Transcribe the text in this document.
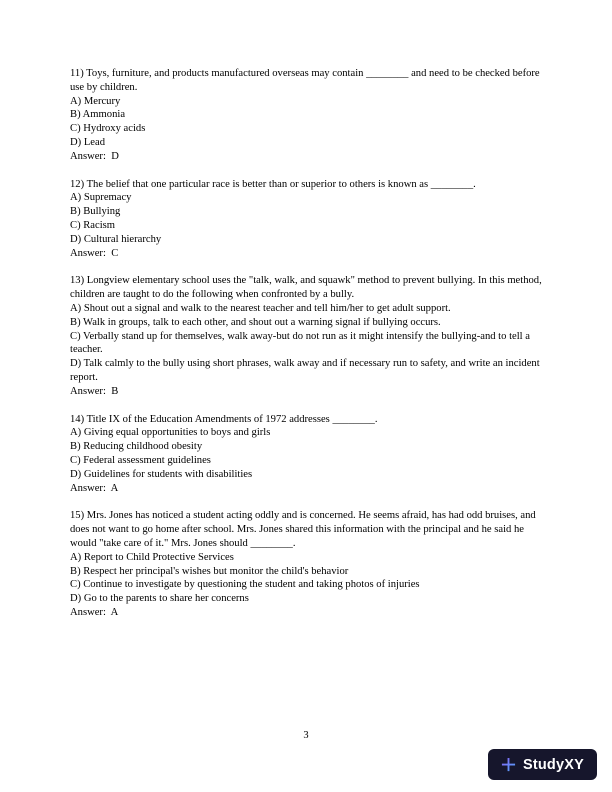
11) Toys, furniture, and products manufactured overseas may contain ________ and need to be checked before use by children.

A) Mercury

B) Ammonia

C) Hydroxy acids

D) Lead

Answer:  D

12) The belief that one particular race is better than or superior to others is known as ________.

A) Supremacy

B) Bullying

C) Racism

D) Cultural hierarchy

Answer:  C

13) Longview elementary school uses the "talk, walk, and squawk" method to prevent bullying. In this method, children are taught to do the following when confronted by a bully.

A) Shout out a signal and walk to the nearest teacher and tell him/her to get adult support.

B) Walk in groups, talk to each other, and shout out a warning signal if bullying occurs.

C) Verbally stand up for themselves, walk away-but do not run as it might intensify the bullying-and to tell a teacher.

D) Talk calmly to the bully using short phrases, walk away and if necessary run to safety, and write an incident report.

Answer:  B

14) Title IX of the Education Amendments of 1972 addresses ________.

A) Giving equal opportunities to boys and girls

B) Reducing childhood obesity

C) Federal assessment guidelines

D) Guidelines for students with disabilities

Answer:  A

15) Mrs. Jones has noticed a student acting oddly and is concerned. He seems afraid, has had odd bruises, and does not want to go home after school. Mrs. Jones shared this information with the principal and he said he would "take care of it." Mrs. Jones should ________.

A) Report to Child Protective Services

B) Respect her principal's wishes but monitor the child's behavior

C) Continue to investigate by questioning the student and taking photos of injuries

D) Go to the parents to share her concerns

Answer:  A

3
StudyXY
